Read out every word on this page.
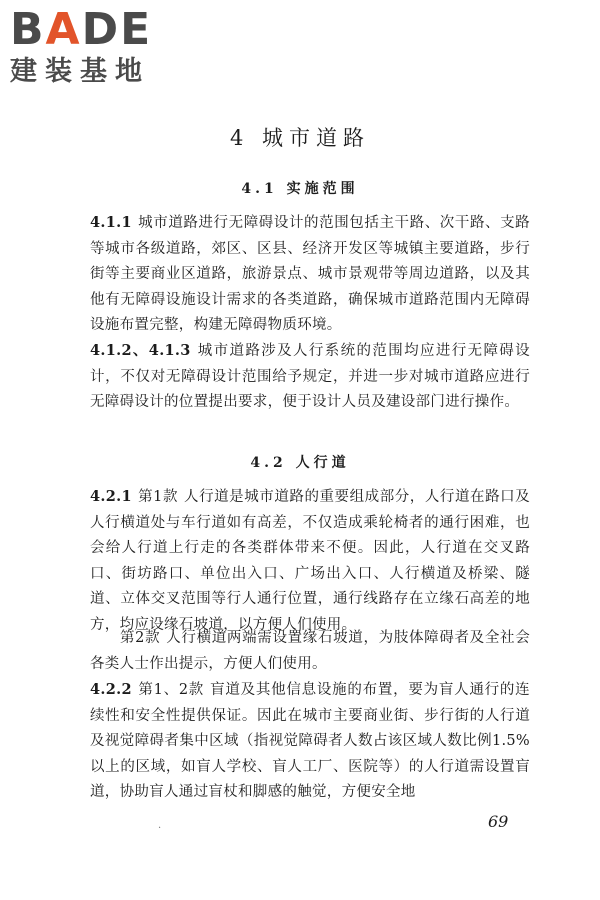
BADE
建装基地
4 城市道路
4.1 实施范围
4.1.1 城市道路进行无障碍设计的范围包括主干路、次干路、支路等城市各级道路，郊区、区县、经济开发区等城镇主要道路，步行街等主要商业区道路，旅游景点、城市景观带等周边道路，以及其他有无障碍设施设计需求的各类道路，确保城市道路范围内无障碍设施布置完整，构建无障碍物质环境。
4.1.2、4.1.3 城市道路涉及人行系统的范围均应进行无障碍设计，不仅对无障碍设计范围给予规定，并进一步对城市道路应进行无障碍设计的位置提出要求，便于设计人员及建设部门进行操作。
4.2 人行道
4.2.1 第1款 人行道是城市道路的重要组成部分，人行道在路口及人行横道处与车行道如有高差，不仅造成乘轮椅者的通行困难，也会给人行道上行走的各类群体带来不便。因此，人行道在交叉路口、街坊路口、单位出入口、广场出入口、人行横道及桥梁、隧道、立体交叉范围等行人通行位置，通行线路存在立缘石高差的地方，均应设缘石坡道，以方便人们使用。
第2款 人行横道两端需设置缘石坡道，为肢体障碍者及全社会各类人士作出提示，方便人们使用。
4.2.2 第1、2款 盲道及其他信息设施的布置，要为盲人通行的连续性和安全性提供保证。因此在城市主要商业街、步行街的人行道及视觉障碍者集中区域（指视觉障碍者人数占该区域人数比例1.5%以上的区域，如盲人学校、盲人工厂、医院等）的人行道需设置盲道，协助盲人通过盲杖和脚感的触觉，方便安全地
.	69
